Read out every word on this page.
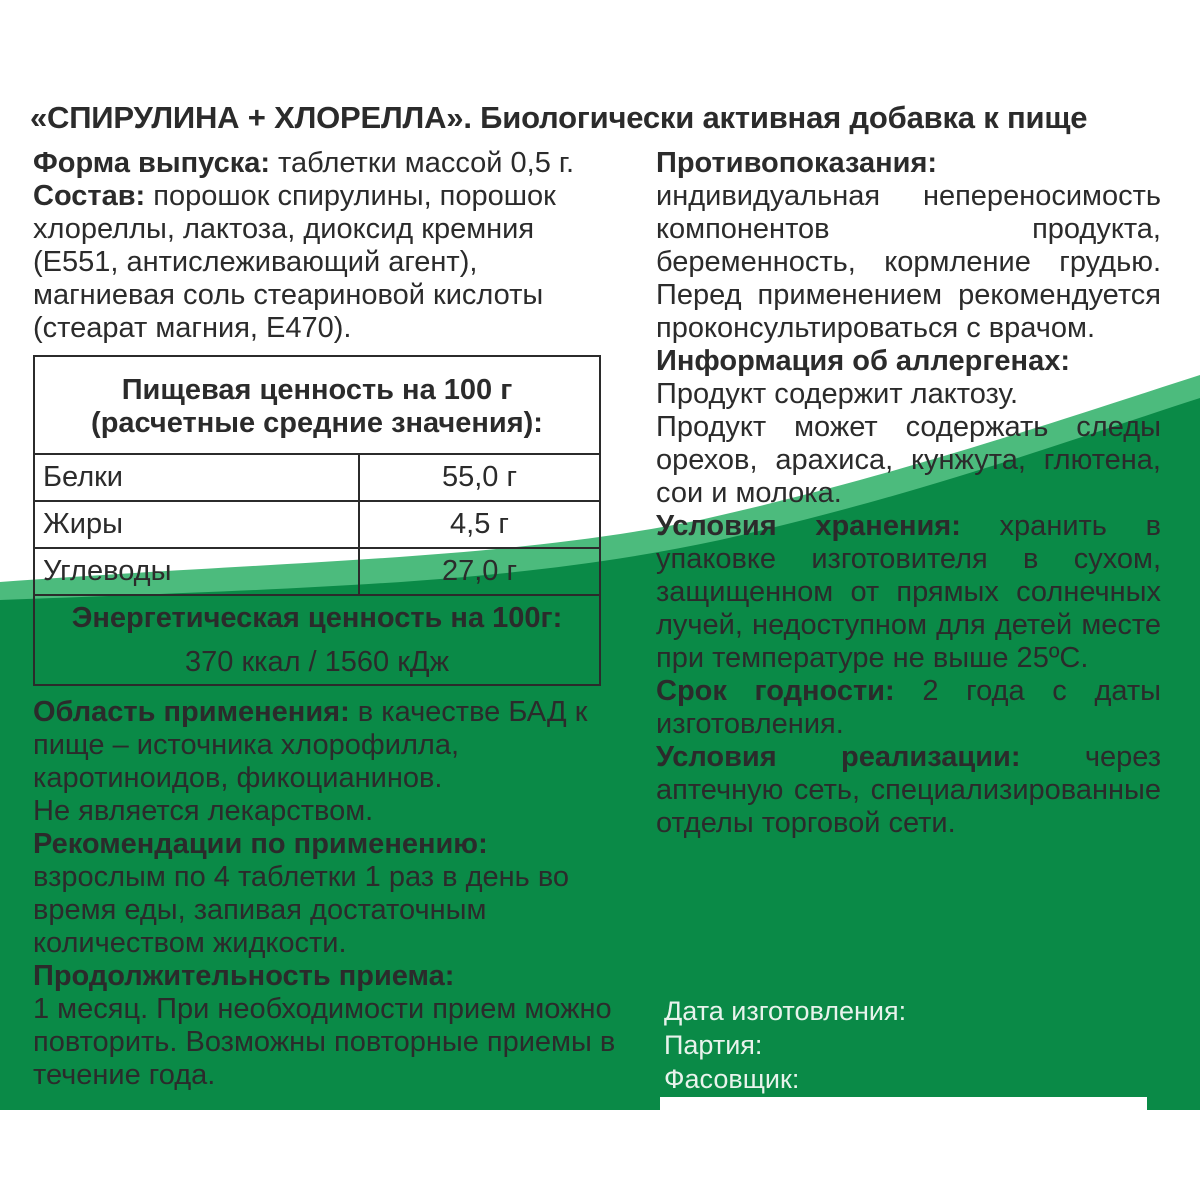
«СПИРУЛИНА + ХЛОРЕЛЛА». Биологически активная добавка к пище

Форма выпуска: таблетки массой 0,5 г.

Состав: порошок спирулины, порошок хлореллы, лактоза, диоксид кремния (Е551, антислеживающий агент), магниевая соль стеариновой кислоты (стеарат магния, Е470).

Пищевая ценность на 100 г
(расчетные средние значения):	

Белки	55,0 г
Жиры	4,5 г
Углеводы	27,0 г
Энергетическая ценность на 100г:	
370 ккал / 1560 кДж	

Область применения: в качестве БАД к пище – источника хлорофилла, каротиноидов, фикоцианинов.

Не является лекарством.

Рекомендации по применению:

взрослым по 4 таблетки 1 раз в день во время еды, запивая достаточным количеством жидкости.

Продолжительность приема:

1 месяц. При необходимости прием можно повторить. Возможны повторные приемы в течение года.

Противопоказания: индивидуальная непереносимость компонентов продукта, беременность, кормление грудью. Перед применением рекомендуется проконсультироваться с врачом.

Информация об аллергенах:

Продукт содержит лактозу.

Продукт может содержать следы орехов, арахиса, кунжута, глютена, сои и молока.

Условия хранения: хранить в упаковке изготовителя в сухом, защищенном от прямых солнечных лучей, недоступном для детей месте при температуре не выше 25ºС.

Срок годности: 2 года с даты изготовления.

Условия реализации: через аптечную сеть, специализированные отделы торговой сети.

Дата изготовления:

Партия:

Фасовщик:
